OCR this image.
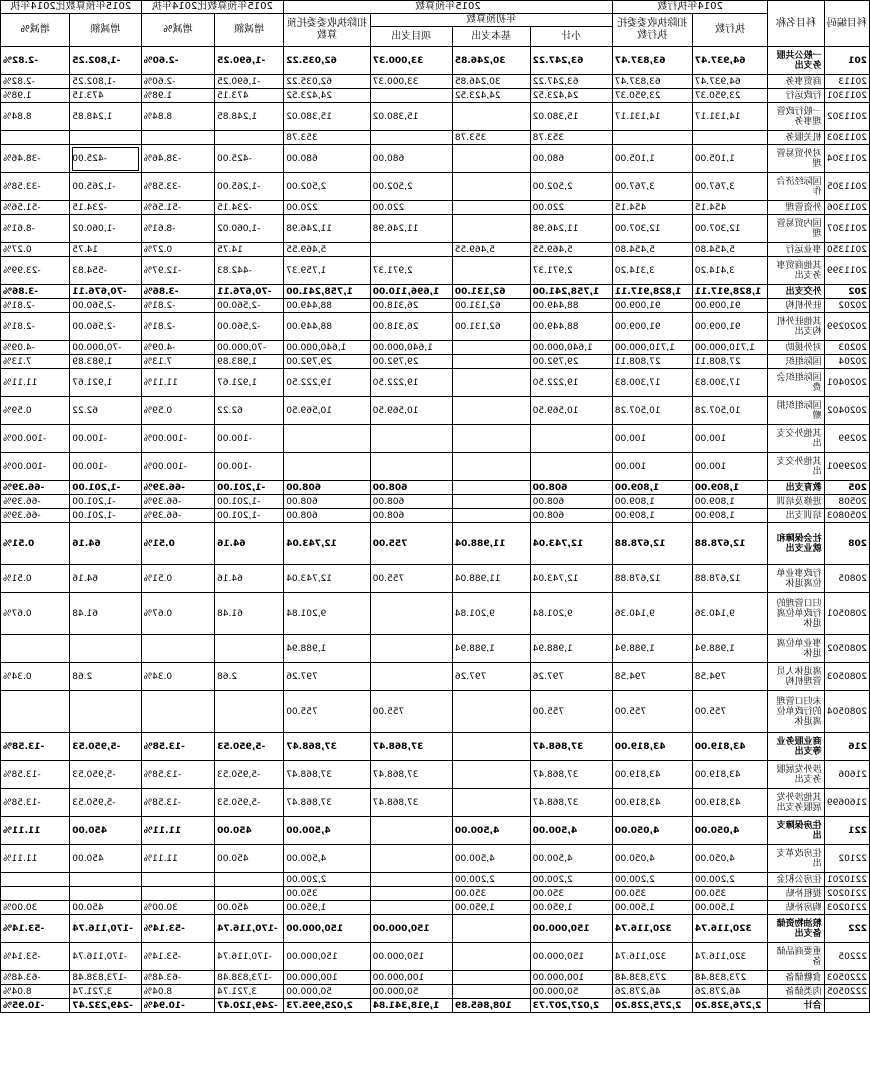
科目编码	科目名称	2014年执行数		2015年预算数				2015年预算数比2014年执		2015年预算数比2014年执	
		执行数	扣除执收委委托执行数	年初预算数			扣除执收委委托预算数	增减额	增减%	增减额	增减%
				小计	基本支出	项目支出					
201	一般公共服务支出	64,937.47	63,837.47	63,247.22	30,246.85	33,000.37	62,035.22	-1,690.25	-2.60%	-1,802.25	-2.82%
20113	商贸事务	64,937.47	63,837.47	63,247.22	30,246.85	33,000.37	62,035.22	-1,690.25	-2.60%	-1,802.25	-2.82%
2011301	行政运行	23,950.37	23,950.37	24,423.52	24,423.52		24,423.52	473.15	1.98%	473.15	1.98%
2011302	一般行政管理事务	14,131.17	14,131.17	15,380.02		15,380.02	15,380.02	1,248.85	8.84%	1,248.85	8.84%
2011303	机关服务			353.78	353.78		353.78				
2011304	对外贸易管理	1,105.00	1,105.00	680.00		680.00	680.00	-425.00	-38.46%	-425.00	-38.46%
2011305	国际经济合作	3,767.00	3,767.00	2,502.00		2,502.00	2,502.00	-1,265.00	-33.58%	-1,265.00	-33.58%
2011306	外资管理	454.15	454.15	220.00		220.00	220.00	-234.15	-51.56%	-234.15	-51.56%
2011307	国内贸易管理	12,307.00	12,307.00	11,246.98		11,246.98	11,246.98	-1,060.02	-8.61%	-1,060.02	-8.61%
2011350	事业运行	5,454.80	5,454.80	5,469.55	5,469.55		5,469.55	14.75	0.27%	14.75	0.27%
2011399	其他商贸事务支出	3,414.20	3,314.20	2,971.37		2,971.37	1,759.37	-442.83	-12.97%	-554.83	-23.99%
202	外交支出	1,828,917.11	1,828,917.11	1,758,241.00	62,131.00	1,696,110.00	1,758,241.00	-70,676.11	-3.86%	-70,676.11	-3.86%
20202	驻外机构	91,009.00	91,009.00	88,449.00	62,131.00	26,318.00	88,449.00	-2,560.00	-2.81%	-2,560.00	-2.81%
2020299	其他驻外机构支出	91,009.00	91,009.00	88,449.00	62,131.00	26,318.00	88,449.00	-2,560.00	-2.81%	-2,560.00	-2.81%
20203	对外援助	1,710,000.00	1,710,000.00	1,640,000.00		1,640,000.00	1,640,000.00	-70,000.00	-4.09%	-70,000.00	-4.09%
20204	国际组织	27,808.11	27,808.11	29,792.00		29,792.00	29,792.00	1,983.89	7.13%	1,983.89	7.13%
2020401	国际组织会费	17,300.83	17,300.83	19,222.50		19,222.50	19,222.50	1,921.67	11.11%	1,921.67	11.11%
2020402	国际组织捐赠	10,507.28	10,507.28	10,569.50		10,569.50	10,569.50	62.22	0.59%	62.22	0.59%
20299	其他外交支出	100.00	100.00					-100.00	-100.00%	-100.00	-100.00%
2029901	其他外交支出	100.00	100.00					-100.00	-100.00%	-100.00	-100.00%
205	教育支出	1,809.00	1,809.00	608.00		608.00	608.00	-1,201.00	-66.39%	-1,201.00	-66.39%
20508	进修及培训	1,809.00	1,809.00	608.00		608.00	608.00	-1,201.00	-66.39%	-1,201.00	-66.39%
2050803	培训支出	1,809.00	1,809.00	608.00		608.00	608.00	-1,201.00	-66.39%	-1,201.00	-66.39%
208	社会保障和就业支出	12,678.88	12,678.88	12,743.04	11,988.04	755.00	12,743.04	64.16	0.51%	64.16	0.51%
20805	行政事业单位离退休	12,678.88	12,678.88	12,743.04	11,988.04	755.00	12,743.04	64.16	0.51%	64.16	0.51%
2080501	归口管理的行政单位离退休	9,140.36	9,140.36	9,201.84	9,201.84		9,201.84	61.48	0.67%	61.48	0.67%
2080502	事业单位离退休	1,988.94	1,988.94	1,988.94	1,988.94		1,988.94				
2080503	离退休人员管理机构	794.58	794.58	797.26	797.26		797.26	2.68	0.34%	2.68	0.34%
2080504	未归口管理的行政单位离退休	755.00	755.00	755.00		755.00	755.00				
216	商业服务业等支出	43,819.00	43,819.00	37,868.47		37,868.47	37,868.47	-5,950.53	-13.58%	-5,950.53	-13.58%
21606	涉外发展服务支出	43,819.00	43,819.00	37,868.47		37,868.47	37,868.47	-5,950.53	-13.58%	-5,950.53	-13.58%
2160699	其他涉外发展服务支出	43,819.00	43,819.00	37,868.47		37,868.47	37,868.47	-5,950.53	-13.58%	-5,950.53	-13.58%
221	住房保障支出	4,050.00	4,050.00	4,500.00	4,500.00		4,500.00	450.00	11.11%	450.00	11.11%
22102	住房改革支出	4,050.00	4,050.00	4,500.00	4,500.00		4,500.00	450.00	11.11%	450.00	11.11%
2210201	住房公积金	2,200.00	2,200.00	2,200.00	2,200.00		2,200.00				
2210202	提租补贴	350.00	350.00	350.00	350.00		350.00				
2210203	购房补贴	1,500.00	1,500.00	1,950.00	1,950.00		1,950.00	450.00	30.00%	450.00	30.00%
222	粮油物资储备支出	320,116.74	320,116.74	150,000.00		150,000.00	150,000.00	-170,116.74	-53.14%	-170,116.74	-53.14%
22205	重要商品储备	320,116.74	320,116.74	150,000.00		150,000.00	150,000.00	-170,116.74	-53.14%	-170,116.74	-53.14%
2220503	食糖储备	273,838.48	273,838.48	100,000.00		100,000.00	100,000.00	-173,838.48	-63.48%	-173,838.48	-63.48%
2220505	肉类储备	46,278.26	46,278.26	50,000.00		50,000.00	50,000.00	3,721.74	8.04%	3,721.74	8.04%
	合计	2,276,328.20	2,275,228.20	2,027,207.73	108,865.89	1,918,341.84	2,025,995.73	-249,120.47	-10.94%	-249,232.47	-10.95%
